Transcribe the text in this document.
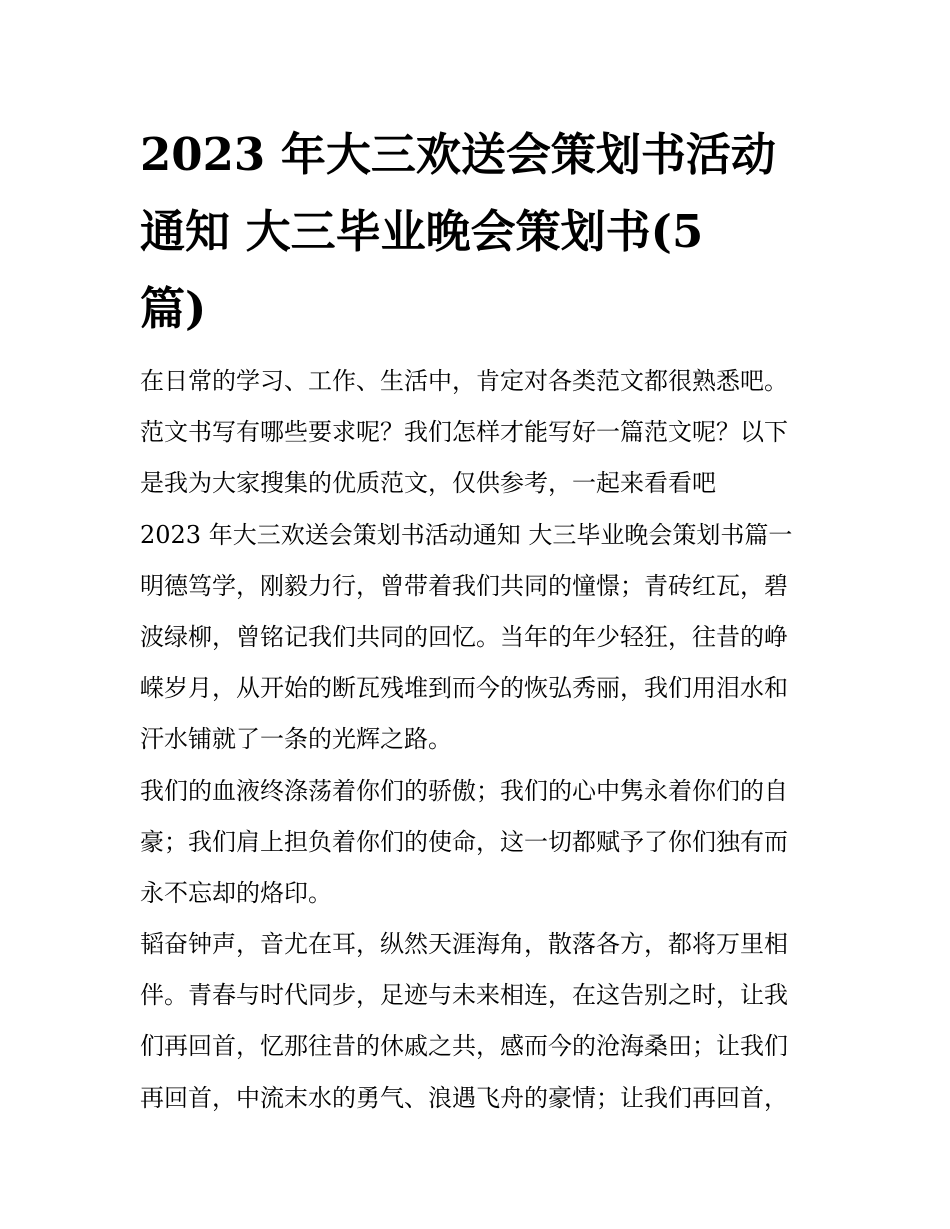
2023 年大三欢送会策划书活动
通知 大三毕业晚会策划书(5
篇)
在日常的学习、工作、生活中，肯定对各类范文都很熟悉吧。
范文书写有哪些要求呢？我们怎样才能写好一篇范文呢？以下
是我为大家搜集的优质范文，仅供参考，一起来看看吧
2023 年大三欢送会策划书活动通知 大三毕业晚会策划书篇一
明德笃学，刚毅力行，曾带着我们共同的憧憬；青砖红瓦，碧
波绿柳，曾铭记我们共同的回忆。当年的年少轻狂，往昔的峥
嵘岁月，从开始的断瓦残堆到而今的恢弘秀丽，我们用泪水和
汗水铺就了一条的光辉之路。
我们的血液终涤荡着你们的骄傲；我们的心中隽永着你们的自
豪；我们肩上担负着你们的使命，这一切都赋予了你们独有而
永不忘却的烙印。
韬奋钟声，音尤在耳，纵然天涯海角，散落各方，都将万里相
伴。青春与时代同步，足迹与未来相连，在这告别之时，让我
们再回首，忆那往昔的休戚之共，感而今的沧海桑田；让我们
再回首，中流末水的勇气、浪遇飞舟的豪情；让我们再回首，
